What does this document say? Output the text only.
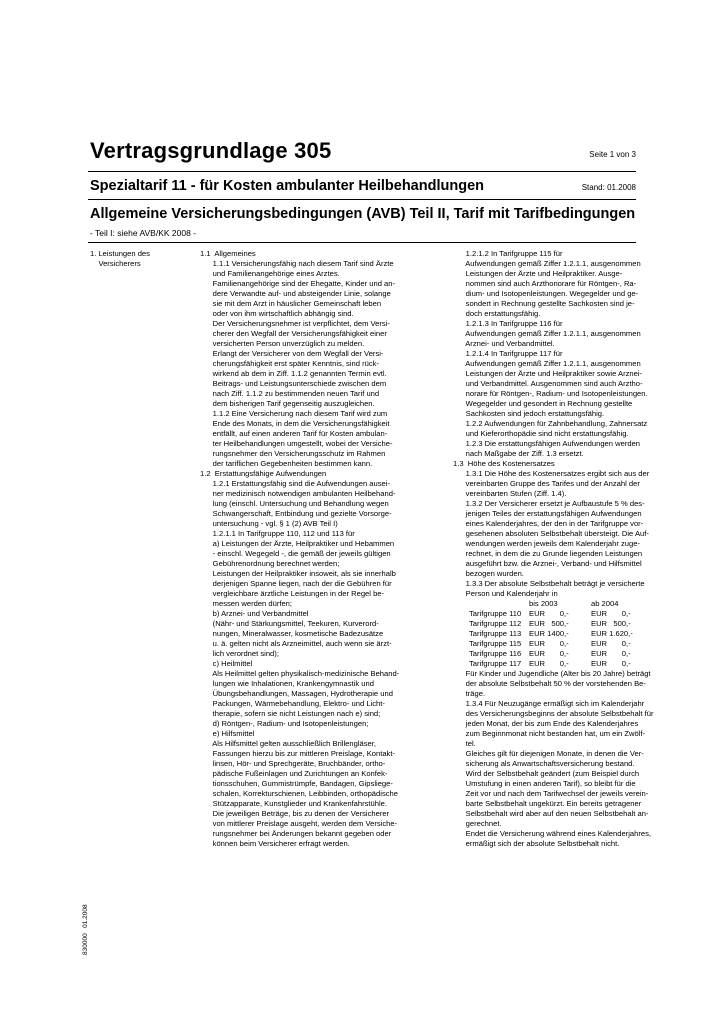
Vertragsgrundlage 305	Seite 1 von 3
Spezialtarif 11 - für Kosten ambulanter Heilbehandlungen	Stand: 01.2008
Allgemeine Versicherungsbedingungen (AVB) Teil II, Tarif mit Tarifbedingungen
- Teil I: siehe AVB/KK 2008 -
1. Leistungen des
Versicherers
1.1  Allgemeines
1.1.1 Versicherungsfähig nach diesem Tarif sind Ärzte
und Familienangehörige eines Arztes.
Familienangehörige sind der Ehegatte, Kinder und an-
dere Verwandte auf- und absteigender Linie, solange
sie mit dem Arzt in häuslicher Gemeinschaft leben
oder von ihm wirtschaftlich abhängig sind.
Der Versicherungsnehmer ist verpflichtet, dem Versi-
cherer den Wegfall der Versicherungsfähigkeit einer
versicherten Person unverzüglich zu melden.
Erlangt der Versicherer von dem Wegfall der Versi-
cherungsfähigkeit erst später Kenntnis, sind rück-
wirkend ab dem in Ziff. 1.1.2 genannten Termin evtl.
Beitrags- und Leistungsunterschiede zwischen dem
nach Ziff. 1.1.2 zu bestimmenden neuen Tarif und
dem bisherigen Tarif gegenseitig auszugleichen.
1.1.2 Eine Versicherung nach diesem Tarif wird zum
Ende des Monats, in dem die Versicherungsfähigkeit
entfällt, auf einen anderen Tarif für Kosten ambulan-
ter Heilbehandlungen umgestellt, wobei der Versiche-
rungsnehmer den Versicherungsschutz im Rahmen
der tariflichen Gegebenheiten bestimmen kann.
1.2  Erstattungsfähige Aufwendungen
1.2.1 Erstattungsfähig sind die Aufwendungen ausei-
ner medizinisch notwendigen ambulanten Heilbehand-
lung (einschl. Untersuchung und Behandlung wegen
Schwangerschaft, Entbindung und gezielte Vorsorge-
untersuchung - vgl. § 1 (2) AVB Teil I)
1.2.1.1 In Tarifgruppe 110, 112 und 113 für
a) Leistungen der Ärzte, Heilpraktiker und Hebammen
- einschl. Wegegeld -, die gemäß der jeweils gültigen
Gebührenordnung berechnet werden;
Leistungen der Heilpraktiker insoweit, als sie innerhalb
derjenigen Spanne liegen, nach der die Gebühren für
vergleichbare ärztliche Leistungen in der Regel be-
messen werden dürfen;
b) Arznei- und Verbandmittel
(Nähr- und Stärkungsmittel, Teekuren, Kurverord-
nungen, Mineralwasser, kosmetische Badezusätze
u. ä. gelten nicht als Arzneimittel, auch wenn sie ärzt-
lich verordnet sind);
c) Heilmittel
Als Heilmittel gelten physikalisch-medizinische Behand-
lungen wie Inhalationen, Krankengymnastik und
Übungsbehandlungen, Massagen, Hydrotherapie und
Packungen, Wärmebehandlung, Elektro- und Licht-
therapie, sofern sie nicht Leistungen nach e) sind;
d) Röntgen-, Radium- und Isotopenleistungen;
e) Hilfsmittel
Als Hilfsmittel gelten ausschließlich Brillengläser,
Fassungen hierzu bis zur mittleren Preislage, Kontakt-
linsen, Hör- und Sprechgeräte, Bruchbänder, ortho-
pädische Fußeinlagen und Zurichtungen an Konfek-
tionsschuhen, Gummistrümpfe, Bandagen, Gipsliege-
schalen, Korrekturschienen, Leibbinden, orthopädische
Stützapparate, Kunstglieder und Krankenfahrstühle.
Die jeweiligen Beträge, bis zu denen der Versicherer
von mittlerer Preislage ausgeht, werden dem Versiche-
rungsnehmer bei Änderungen bekannt gegeben oder
können beim Versicherer erfragt werden.
1.2.1.2 In Tarifgruppe 115 für
Aufwendungen gemäß Ziffer 1.2.1.1, ausgenommen
Leistungen der Ärzte und Heilpraktiker. Ausge-
nommen sind auch Arzthonorare für Röntgen-, Ra-
dium- und Isotopenleistungen. Wegegelder und ge-
sondert in Rechnung gestellte Sachkosten sind je-
doch erstattungsfähig.
1.2.1.3 In Tarifgruppe 116 für
Aufwendungen gemäß Ziffer 1.2.1.1, ausgenommen
Arznei- und Verbandmittel.
1.2.1.4 In Tarifgruppe 117 für
Aufwendungen gemäß Ziffer 1.2.1.1, ausgenommen
Leistungen der Ärzte und Heilpraktiker sowie Arznei-
und Verbandmittel. Ausgenommen sind auch Arztho-
norare für Röntgen-, Radium- und Isotopenleistungen.
Wegegelder und gesondert in Rechnung gestellte
Sachkosten sind jedoch erstattungsfähig.
1.2.2 Aufwendungen für Zahnbehandlung, Zahnersatz
und Kieferorthopädie sind nicht erstattungsfähig.
1.2.3 Die erstattungsfähigen Aufwendungen werden
nach Maßgabe der Ziff. 1.3 ersetzt.
1.3  Höhe des Kostenersatzes
1.3.1 Die Höhe des Kostenersatzes ergibt sich aus der
vereinbarten Gruppe des Tarifes und der Anzahl der
vereinbarten Stufen (Ziff. 1.4).
1.3.2 Der Versicherer ersetzt je Aufbaustufe 5 % des-
jenigen Teiles der erstattungsfähigen Aufwendungen
eines Kalenderjahres, der den in der Tarifgruppe vor-
gesehenen absoluten Selbstbehalt übersteigt. Die Auf-
wendungen werden jeweils dem Kalenderjahr zuge-
rechnet, in dem die zu Grunde liegenden Leistungen
ausgeführt bzw. die Arznei-, Verband- und Hilfsmittel
bezogen wurden.
1.3.3 Der absolute Selbstbehalt beträgt je versicherte
Person und Kalenderjahr in
	bis 2003	ab 2004
Tarifgruppe 110	EUR       0,-	EUR       0,-
Tarifgruppe 112	EUR   500,-	EUR   500,-
Tarifgruppe 113	EUR 1400,-	EUR 1.620,-
Tarifgruppe 115	EUR       0,-	EUR       0,-
Tarifgruppe 116	EUR       0,-	EUR       0,-
Tarifgruppe 117	EUR       0,-	EUR       0,-
Für Kinder und Jugendliche (Alter bis 20 Jahre) beträgt
der absolute Selbstbehalt 50 % der vorstehenden Be-
träge.
1.3.4 Für Neuzugänge ermäßigt sich im Kalenderjahr
des Versicherungsbeginns der absolute Selbstbehalt für
jeden Monat, der bis zum Ende des Kalenderjahres
zum Beginnmonat nicht bestanden hat, um ein Zwölf-
tel.
Gleiches gilt für diejenigen Monate, in denen die Ver-
sicherung als Anwartschaftsversicherung bestand.
Wird der Selbstbehalt geändert (zum Beispiel durch
Umstufung in einen anderen Tarif), so bleibt für die
Zeit vor und nach dem Tarifwechsel der jeweils verein-
barte Selbstbehalt ungekürzt. Ein bereits getragener
Selbstbehalt wird aber auf den neuen Selbstbehalt an-
gerechnet.
Endet die Versicherung während eines Kalenderjahres,
ermäßigt sich der absolute Selbstbehalt nicht.
830000   01.2008
